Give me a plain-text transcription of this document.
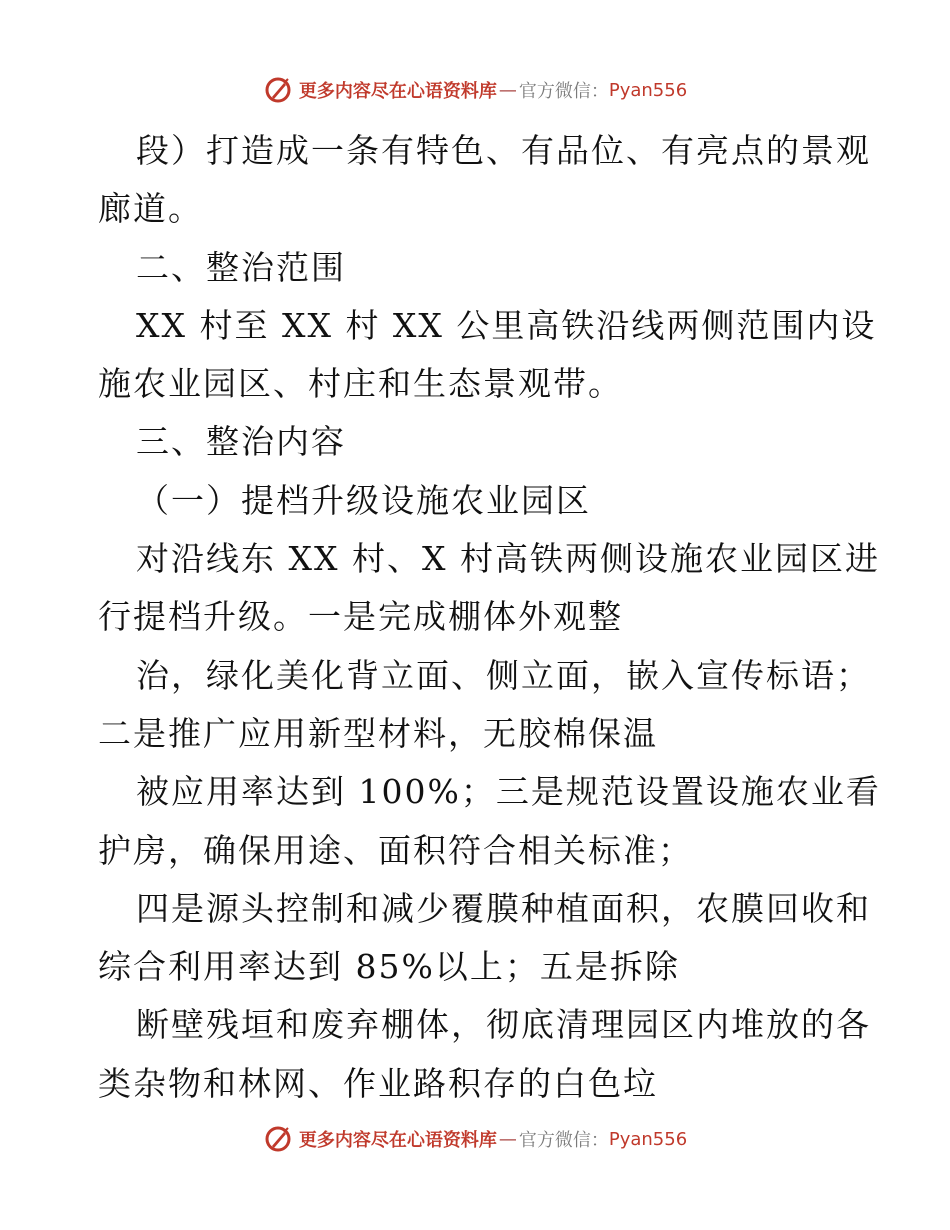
更多内容尽在心语资料库 — 官方微信： Pyan556
段）打造成一条有特色、有品位、有亮点的景观
廊道。
二、整治范围
XX 村至 XX 村 XX 公里高铁沿线两侧范围内设
施农业园区、村庄和生态景观带。
三、整治内容
（一）提档升级设施农业园区
对沿线东 XX 村、X 村高铁两侧设施农业园区进
行提档升级。一是完成棚体外观整
治，绿化美化背立面、侧立面，嵌入宣传标语；
二是推广应用新型材料，无胶棉保温
被应用率达到 100%；三是规范设置设施农业看
护房，确保用途、面积符合相关标准；
四是源头控制和减少覆膜种植面积，农膜回收和
综合利用率达到 85%以上；五是拆除
断壁残垣和废弃棚体，彻底清理园区内堆放的各
类杂物和林网、作业路积存的白色垃
更多内容尽在心语资料库 — 官方微信： Pyan556
